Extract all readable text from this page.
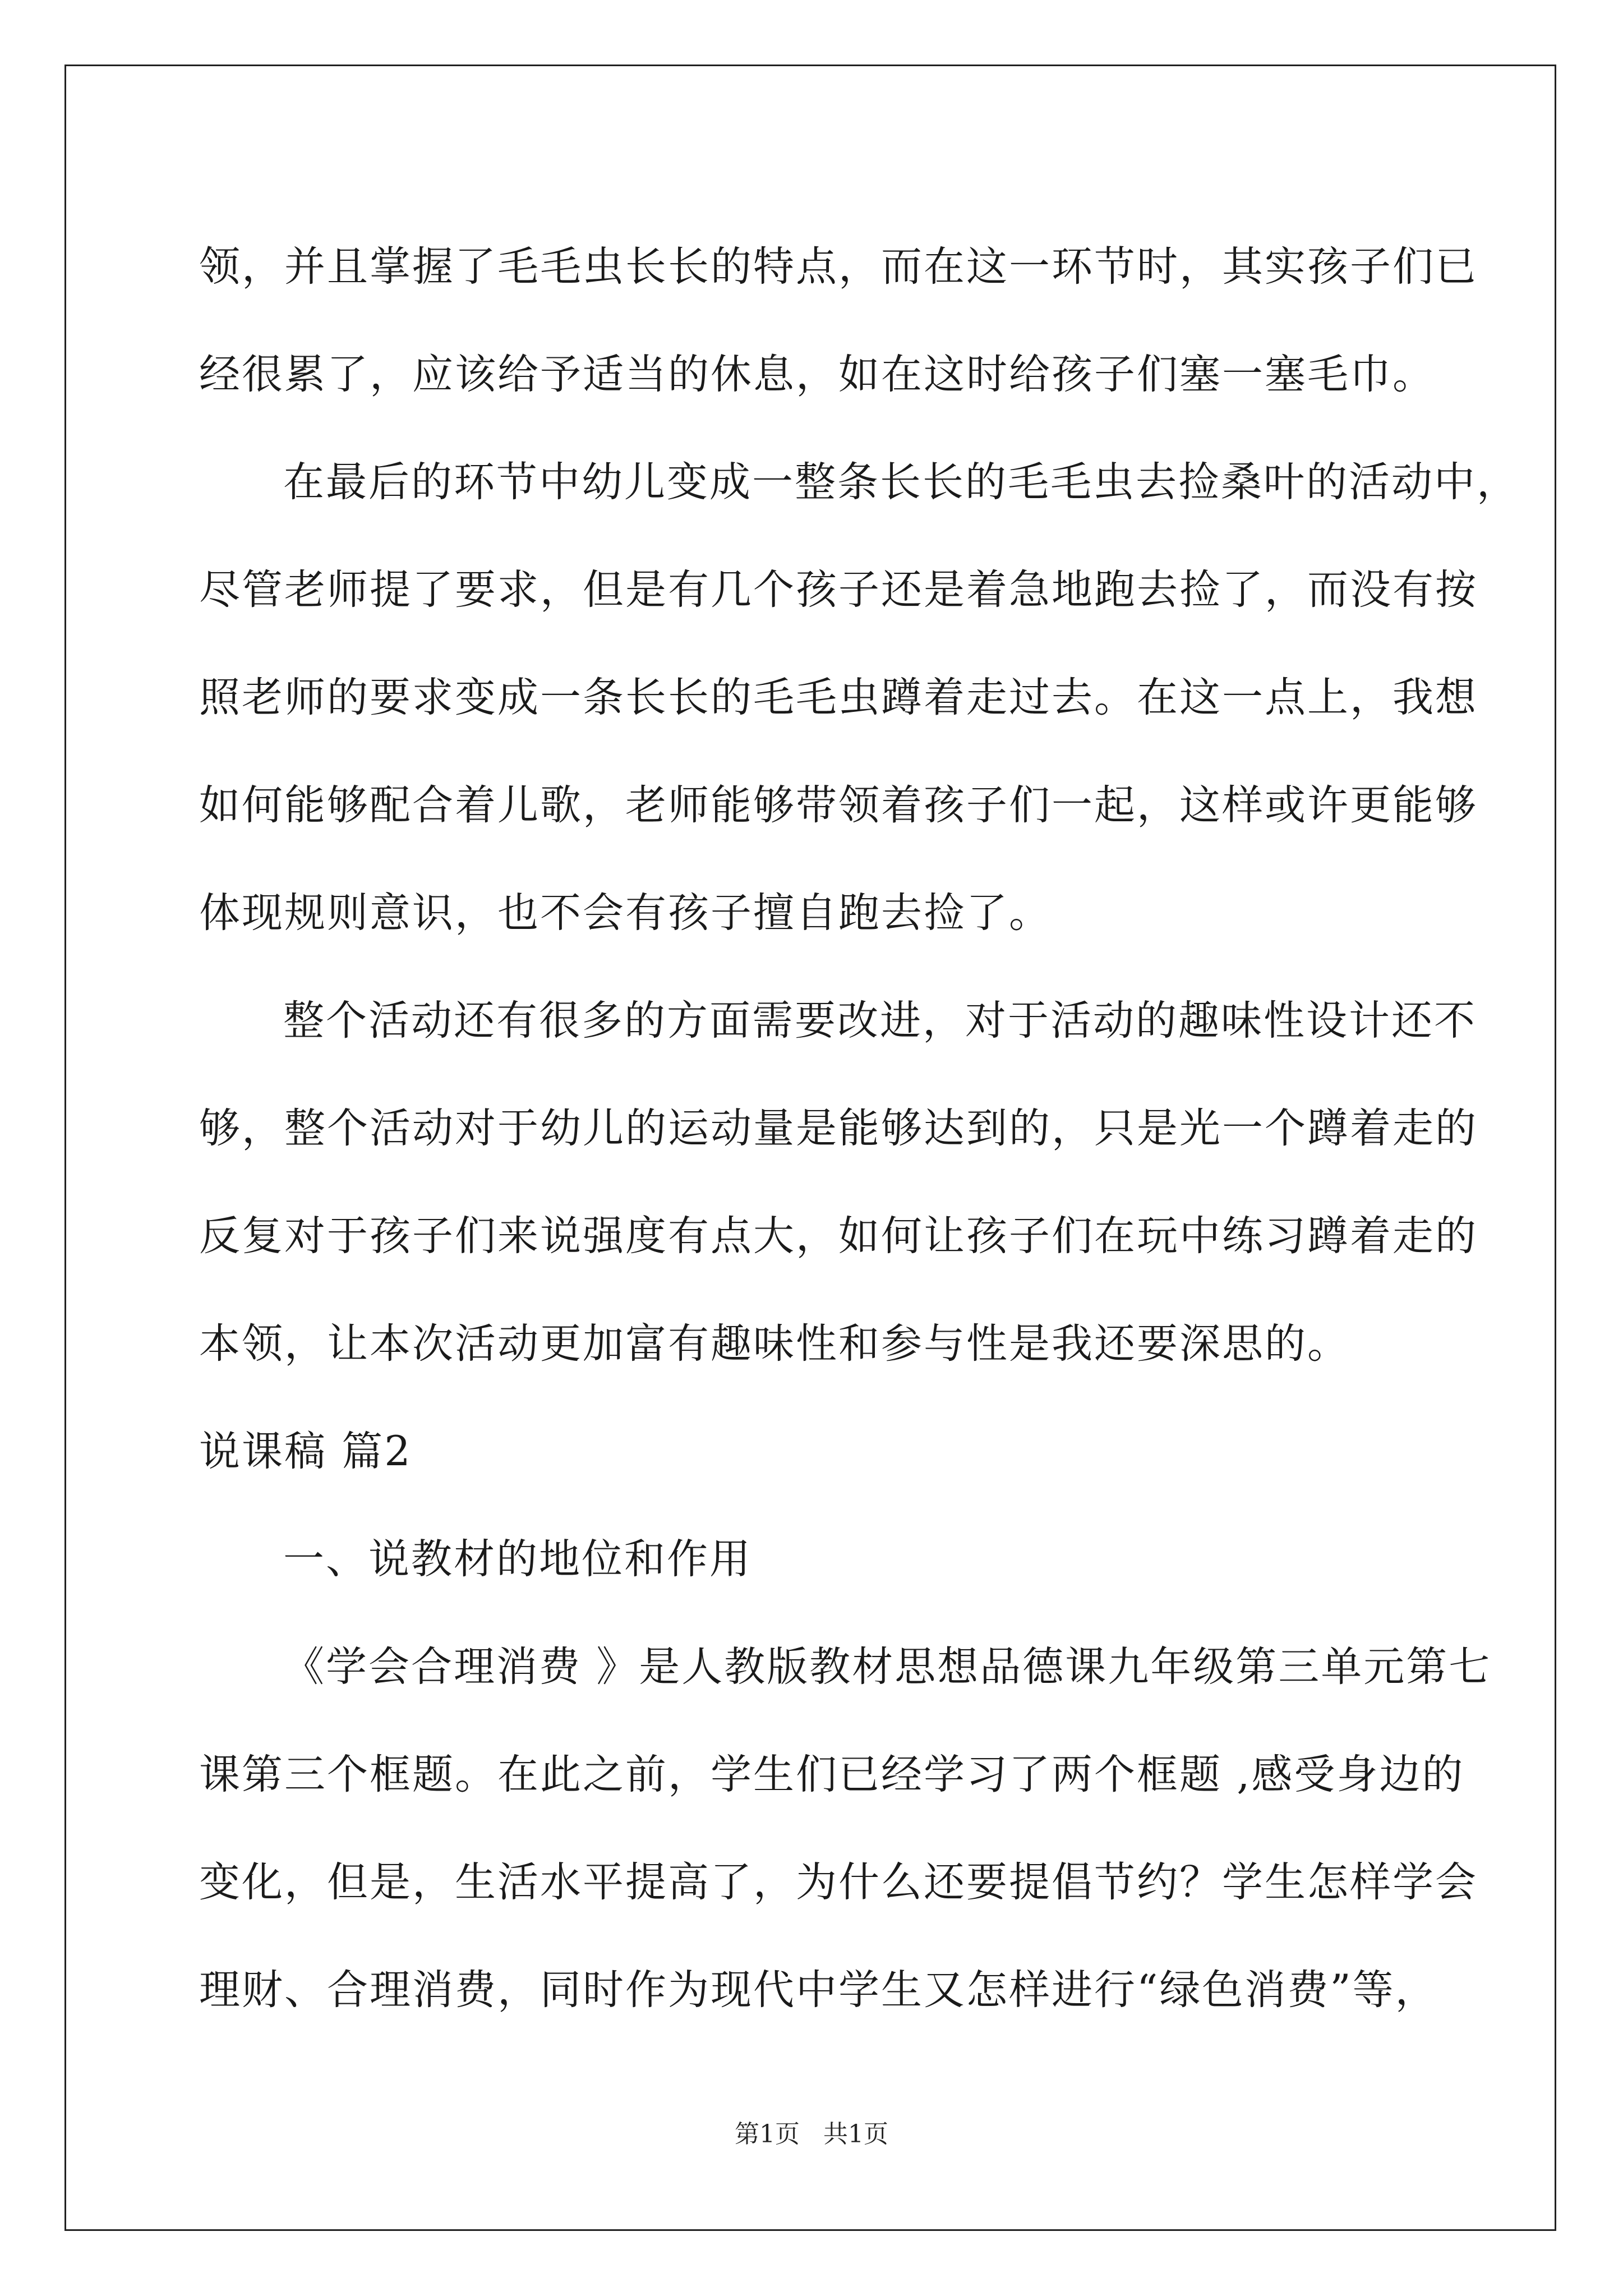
领，并且掌握了毛毛虫长长的特点，而在这一环节时，其实孩子们已
经很累了，应该给予适当的休息，如在这时给孩子们塞一塞毛巾。
在最后的环节中幼儿变成一整条长长的毛毛虫去捡桑叶的活动中，
尽管老师提了要求，但是有几个孩子还是着急地跑去捡了，而没有按
照老师的要求变成一条长长的毛毛虫蹲着走过去。在这一点上，我想
如何能够配合着儿歌，老师能够带领着孩子们一起，这样或许更能够
体现规则意识，也不会有孩子擅自跑去捡了。
整个活动还有很多的方面需要改进，对于活动的趣味性设计还不
够，整个活动对于幼儿的运动量是能够达到的，只是光一个蹲着走的
反复对于孩子们来说强度有点大，如何让孩子们在玩中练习蹲着走的
本领，让本次活动更加富有趣味性和参与性是我还要深思的。
说课稿 篇2
一、说教材的地位和作用
《学会合理消费 》是人教版教材思想品德课九年级第三单元第七
课第三个框题。在此之前，学生们已经学习了两个框题 ,感受身边的
变化，但是，生活水平提高了，为什么还要提倡节约？学生怎样学会
理财、合理消费，同时作为现代中学生又怎样进行“绿色消费”等，
第1页   共1页
